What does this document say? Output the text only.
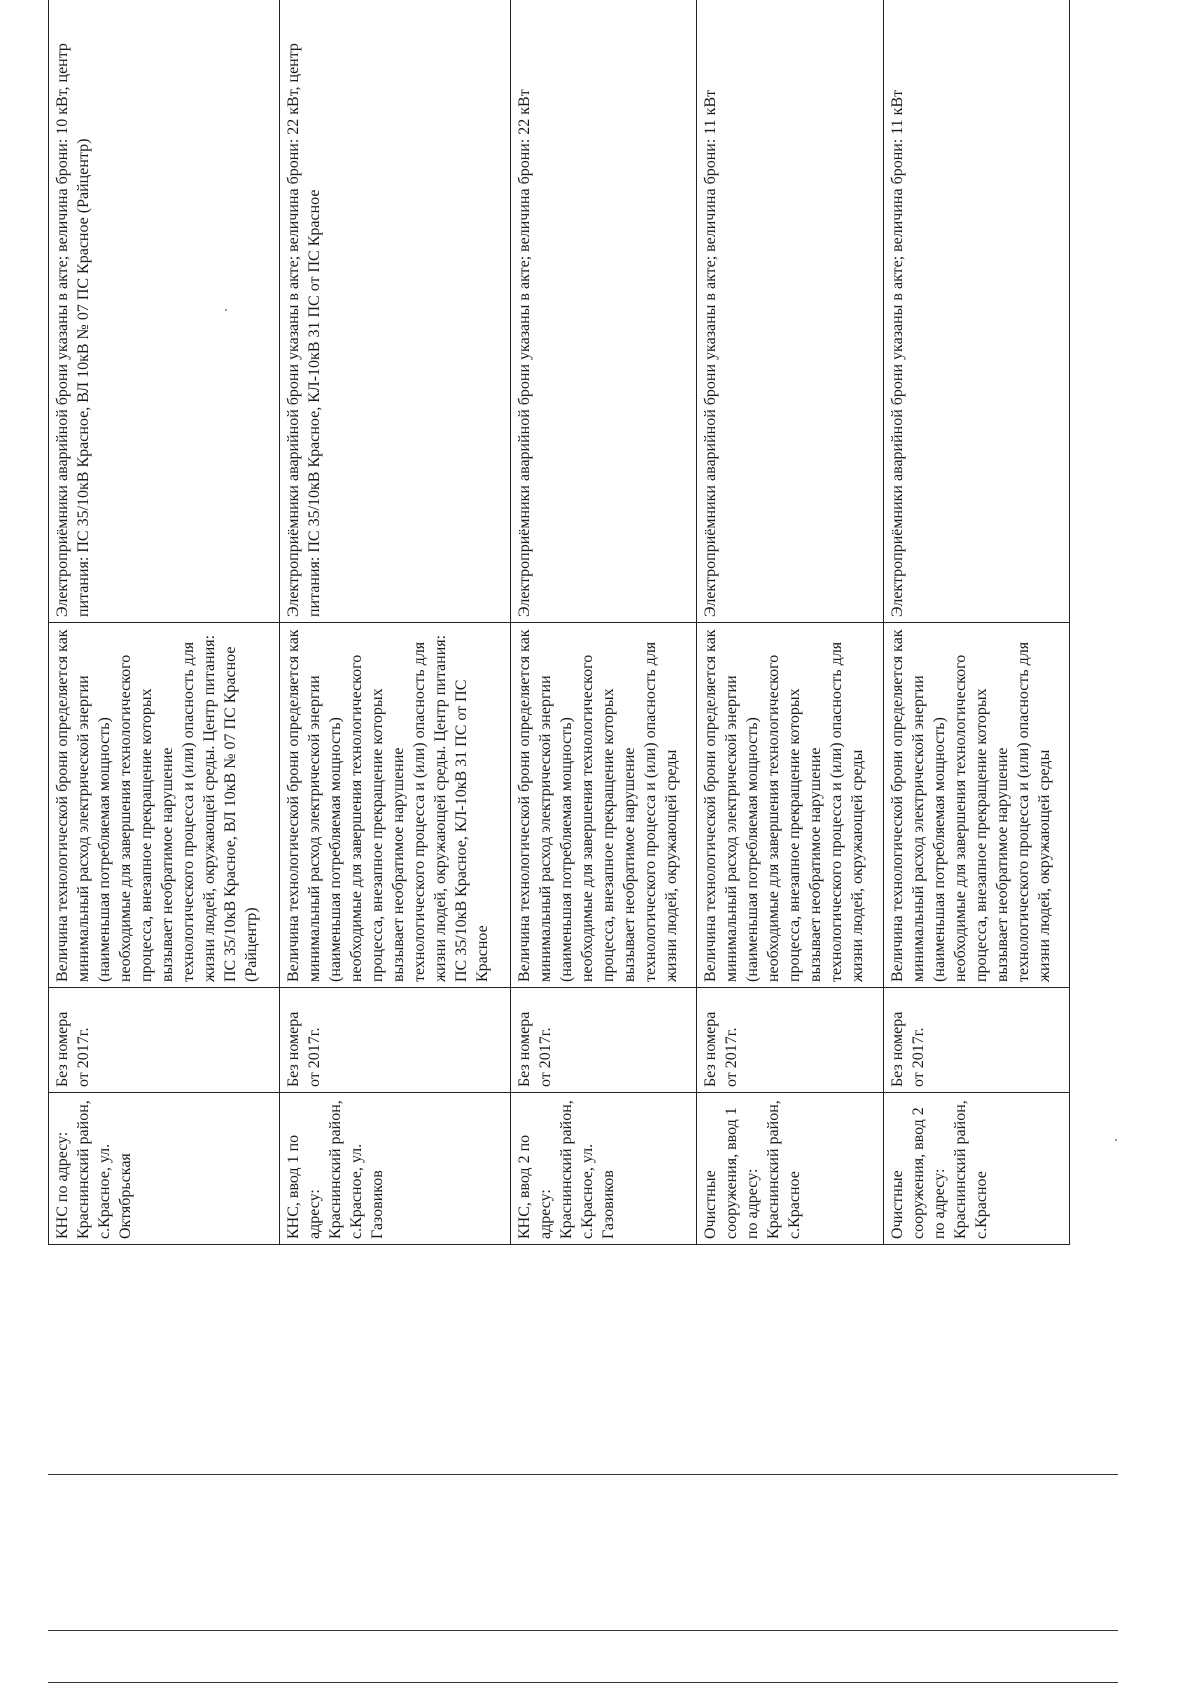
КНС по адресу: Краснинский район, с.Красное, ул. Октябрьская	Без номера от 2017г.	Величина технологической брони определяется как минимальный расход электрической энергии (наименьшая потребляемая мощность) необходимые для завершения технологического процесса, внезапное прекращение которых вызывает необратимое нарушение технологического процесса и (или) опасность для жизни людей, окружающей среды. Центр питания: ПС 35/10кВ Красное, ВЛ 10кВ № 07 ПС Красное (Райцентр)	Электроприёмники аварийной брони указаны в акте; величина брони: 10 кВт, центр питания: ПС 35/10кВ Красное, ВЛ 10кВ № 07 ПС Красное (Райцентр)
КНС, ввод 1 по адресу: Краснинский район, с.Красное, ул. Газовиков	Без номера от 2017г.	Величина технологической брони определяется как минимальный расход электрической энергии (наименьшая потребляемая мощность) необходимые для завершения технологического процесса, внезапное прекращение которых вызывает необратимое нарушение технологического процесса и (или) опасность для жизни людей, окружающей среды. Центр питания: ПС 35/10кВ Красное, КЛ-10кВ 31 ПС от ПС Красное	Электроприёмники аварийной брони указаны в акте; величина брони: 22 кВт, центр питания: ПС 35/10кВ Красное, КЛ-10кВ 31 ПС от ПС Красное
КНС, ввод 2 по адресу: Краснинский район, с.Красное, ул. Газовиков	Без номера от 2017г.	Величина технологической брони определяется как минимальный расход электрической энергии (наименьшая потребляемая мощность) необходимые для завершения технологического процесса, внезапное прекращение которых вызывает необратимое нарушение технологического процесса и (или) опасность для жизни людей, окружающей среды	Электроприёмники аварийной брони указаны в акте; величина брони: 22 кВт
Очистные сооружения, ввод 1 по адресу: Краснинский район, с.Красное	Без номера от 2017г.	Величина технологической брони определяется как минимальный расход электрической энергии (наименьшая потребляемая мощность) необходимые для завершения технологического процесса, внезапное прекращение которых вызывает необратимое нарушение технологического процесса и (или) опасность для жизни людей, окружающей среды	Электроприёмники аварийной брони указаны в акте; величина брони: 11 кВт
Очистные сооружения, ввод 2 по адресу: Краснинский район, с.Красное	Без номера от 2017г.	Величина технологической брони определяется как минимальный расход электрической энергии (наименьшая потребляемая мощность) необходимые для завершения технологического процесса, внезапное прекращение которых вызывает необратимое нарушение технологического процесса и (или) опасность для жизни людей, окружающей среды	Электроприёмники аварийной брони указаны в акте; величина брони: 11 кВт
